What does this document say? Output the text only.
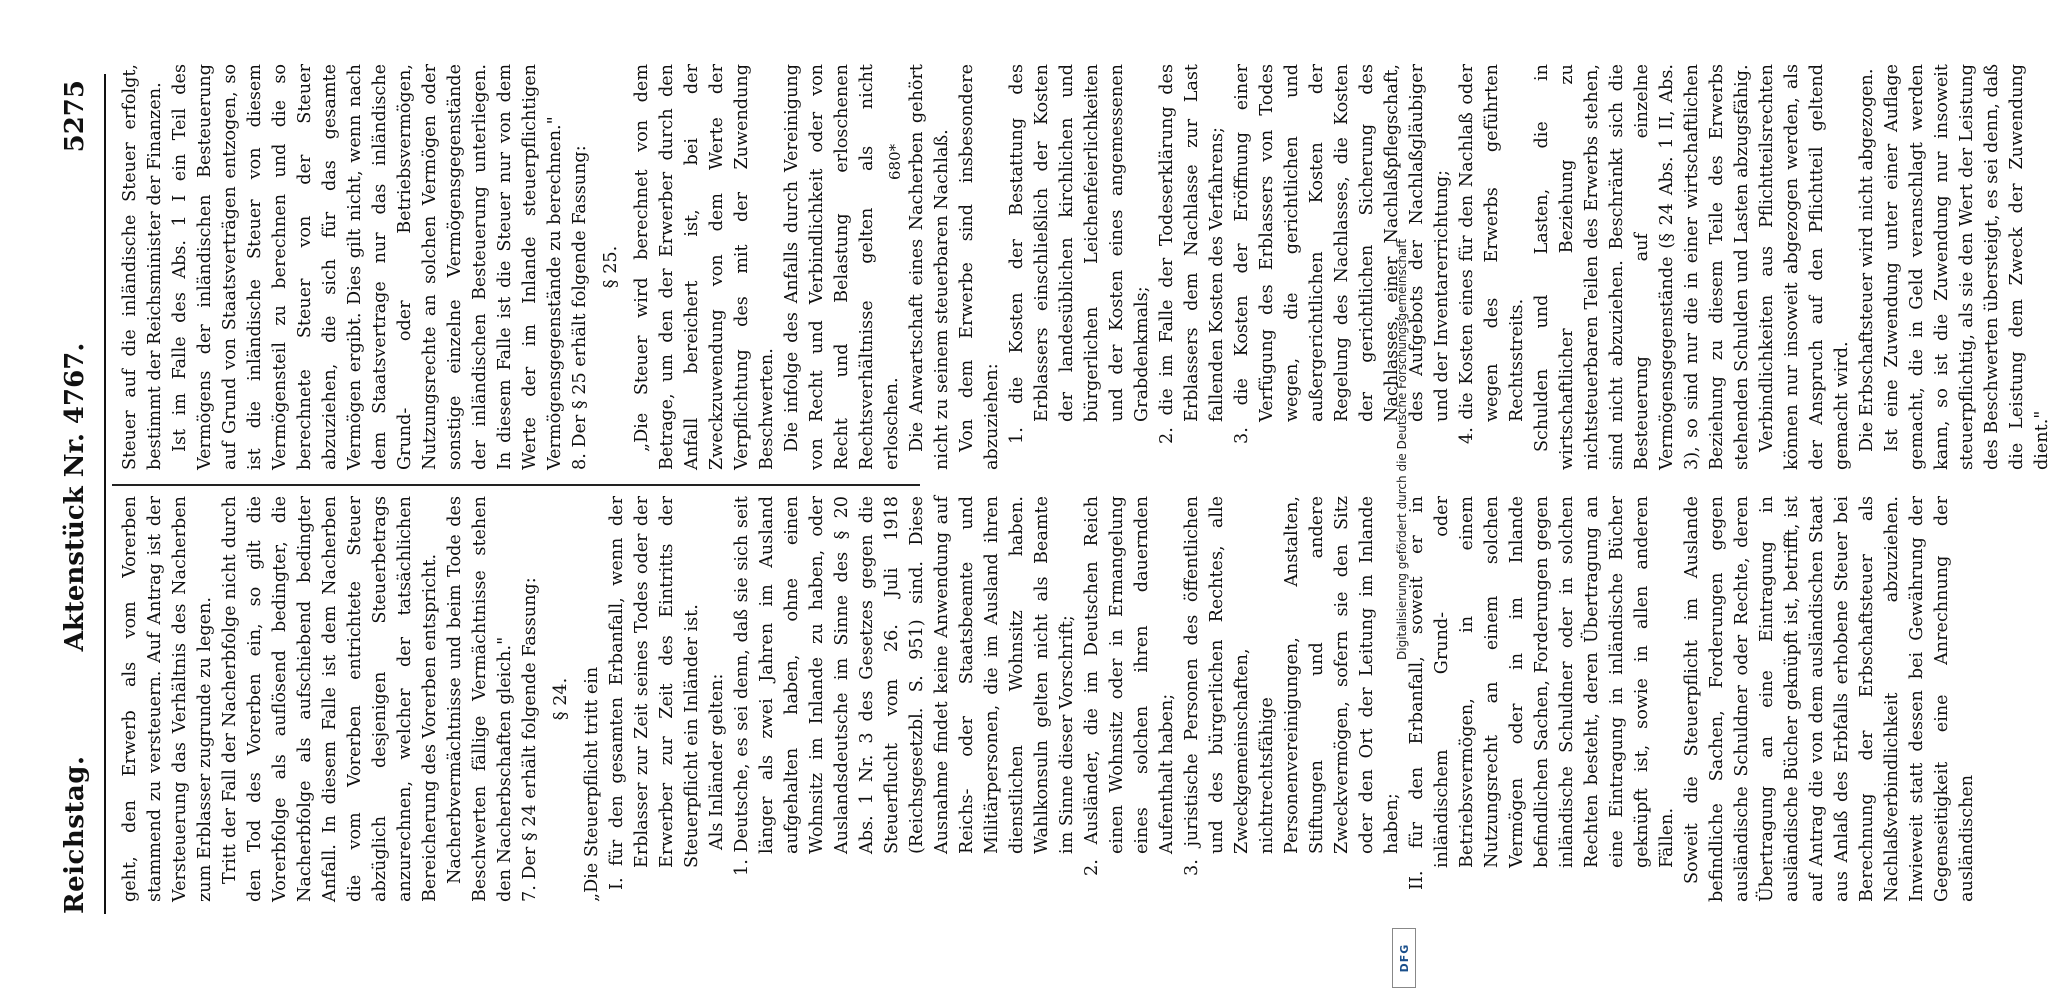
Reichstag.
Aktenstück Nr. 4767.
5275

geht, den Erwerb als vom Vorerben stammend zu versteuern. Auf Antrag ist der Versteuerung das Verhältnis des Nacherben zum Erblasser zugrunde zu legen. Tritt der Fall der Nacherbfolge nicht durch den Tod des Vorerben ein, so gilt die Vorerbfolge als auflösend bedingter, die Nacherbfolge als aufschiebend bedingter Anfall. In diesem Falle ist dem Nacherben die vom Vorerben entrichtete Steuer abzüglich desjenigen Steuerbetrags anzurechnen, welcher der tatsächlichen Bereicherung des Vorerben entspricht. Nacherbvermächtnisse und beim Tode des Beschwerten fällige Vermächtnisse stehen den Nacherbschaften gleich." 7. Der § 24 erhält folgende Fassung: § 24. „Die Steuerpflicht tritt ein I. für den gesamten Erbanfall, wenn der Erblasser zur Zeit seines Todes oder der Erwerber zur Zeit des Eintritts der Steuerpflicht ein Inländer ist. Als Inländer gelten: 1. Deutsche, es sei denn, daß sie sich seit länger als zwei Jahren im Ausland aufgehalten haben, ohne einen Wohnsitz im Inlande zu haben, oder Auslandsdeutsche im Sinne des § 20 Abs. 1 Nr. 3 des Gesetzes gegen die Steuerflucht vom 26. Juli 1918 (Reichsgesetzbl. S. 951) sind. Diese Ausnahme findet keine Anwendung auf Reichs- oder Staatsbeamte und Militärpersonen, die im Ausland ihren dienstlichen Wohnsitz haben. Wahlkonsuln gelten nicht als Beamte im Sinne dieser Vorschrift; 2. Ausländer, die im Deutschen Reich einen Wohnsitz oder in Ermangelung eines solchen ihren dauernden Aufenthalt haben; 3. juristische Personen des öffentlichen und des bürgerlichen Rechtes, alle Zweckgemeinschaften, nichtrechtsfähige Personenvereinigungen, Anstalten, Stiftungen und andere Zweckvermögen, sofern sie den Sitz oder den Ort der Leitung im Inlande haben; II. für den Erbanfall, soweit er in inländischem Grund- oder Betriebsvermögen, in einem Nutzungsrecht an einem solchen Vermögen oder in im Inlande befindlichen Sachen, Forderungen gegen inländische Schuldner oder in solchen Rechten besteht, deren Übertragung an eine Eintragung in inländische Bücher geknüpft ist, sowie in allen anderen Fällen. Soweit die Steuerpflicht im Auslande befindliche Sachen, Forderungen gegen ausländische Schuldner oder Rechte, deren Übertragung an eine Eintragung in ausländische Bücher geknüpft ist, betrifft, ist auf Antrag die von dem ausländischen Staat aus Anlaß des Erbfalls erhobene Steuer bei Berechnung der Erbschaftsteuer als Nachlaßverbindlichkeit abzuziehen. Inwieweit statt dessen bei Gewährung der Gegenseitigkeit eine Anrechnung der ausländischen

Steuer auf die inländische Steuer erfolgt, bestimmt der Reichsminister der Finanzen. Ist im Falle des Abs. 1 I ein Teil des Vermögens der inländischen Besteuerung auf Grund von Staatsverträgen entzogen, so ist die inländische Steuer von diesem Vermögensteil zu berechnen und die so berechnete Steuer von der Steuer abzuziehen, die sich für das gesamte Vermögen ergibt. Dies gilt nicht, wenn nach dem Staatsvertrage nur das inländische Grund- oder Betriebsvermögen, Nutzungsrechte an solchen Vermögen oder sonstige einzelne Vermögensgegenstände der inländischen Besteuerung unterliegen. In diesem Falle ist die Steuer nur von dem Werte der im Inlande steuerpflichtigen Vermögensgegenstände zu berechnen." 8. Der § 25 erhält folgende Fassung: § 25. „Die Steuer wird berechnet von dem Betrage, um den der Erwerber durch den Anfall bereichert ist, bei der Zweckzuwendung von dem Werte der Verpflichtung des mit der Zuwendung Beschwerten. Die infolge des Anfalls durch Vereinigung von Recht und Verbindlichkeit oder von Recht und Belastung erloschenen Rechtsverhältnisse gelten als nicht erloschen. Die Anwartschaft eines Nacherben gehört nicht zu seinem steuerbaren Nachlaß. Von dem Erwerbe sind insbesondere abzuziehen: 1. die Kosten der Bestattung des Erblassers einschließlich der Kosten der landesüblichen kirchlichen und bürgerlichen Leichenfeierlichkeiten und der Kosten eines angemessenen Grabdenkmals; 2. die im Falle der Todeserklärung des Erblassers dem Nachlasse zur Last fallenden Kosten des Verfahrens; 3. die Kosten der Eröffnung einer Verfügung des Erblassers von Todes wegen, die gerichtlichen und außergerichtlichen Kosten der Regelung des Nachlasses, die Kosten der gerichtlichen Sicherung des Nachlasses, einer Nachlaßpflegschaft, des Aufgebots der Nachlaßgläubiger und der Inventarerrichtung; 4. die Kosten eines für den Nachlaß oder wegen des Erwerbs geführten Rechtsstreits. Schulden und Lasten, die in wirtschaftlicher Beziehung zu nichtsteuerbaren Teilen des Erwerbs stehen, sind nicht abzuziehen. Beschränkt sich die Besteuerung auf einzelne Vermögensgegenstände (§ 24 Abs. 1 II, Abs. 3), so sind nur die in einer wirtschaftlichen Beziehung zu diesem Teile des Erwerbs stehenden Schulden und Lasten abzugsfähig. Verbindlichkeiten aus Pflichtteilsrechten können nur insoweit abgezogen werden, als der Anspruch auf den Pflichtteil geltend gemacht wird. Die Erbschaftsteuer wird nicht abgezogen. Ist eine Zuwendung unter einer Auflage gemacht, die in Geld veranschlagt werden kann, so ist die Zuwendung nur insoweit steuerpflichtig, als sie den Wert der Leistung des Beschwerten übersteigt, es sei denn, daß die Leistung dem Zweck der Zuwendung dient."

680*
DFG
Digitalisierung gefördert durch die Deutsche Forschungsgemeinschaft
